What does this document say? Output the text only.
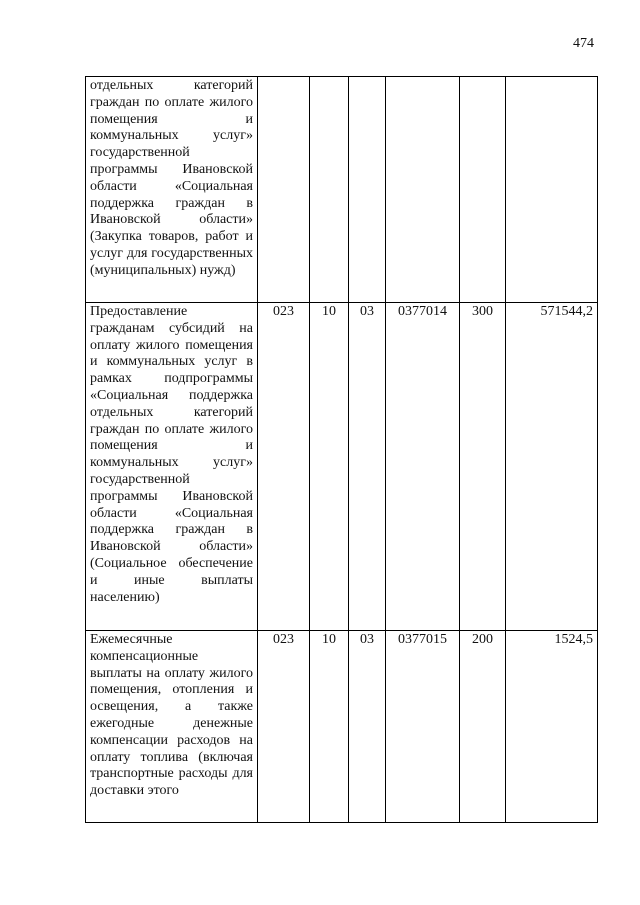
474
отдельных категорий граждан по оплате жилого помещения и коммунальных услуг» государственной программы Ивановской области «Социальная поддержка граждан в Ивановской области» (Закупка товаров, работ и услуг для государственных (муниципальных) нужд)						
Предоставление гражданам субсидий на оплату жилого помещения и коммунальных услуг в рамках подпрограммы «Социальная поддержка отдельных категорий граждан по оплате жилого помещения и коммунальных услуг» государственной программы Ивановской области «Социальная поддержка граждан в Ивановской области» (Социальное обеспечение и иные выплаты населению)	023	10	03	0377014	300	571544,2
Ежемесячные компенсационные выплаты на оплату жилого помещения, отопления и освещения, а также ежегодные денежные компенсации расходов на оплату топлива (включая транспортные расходы для доставки этого	023	10	03	0377015	200	1524,5
